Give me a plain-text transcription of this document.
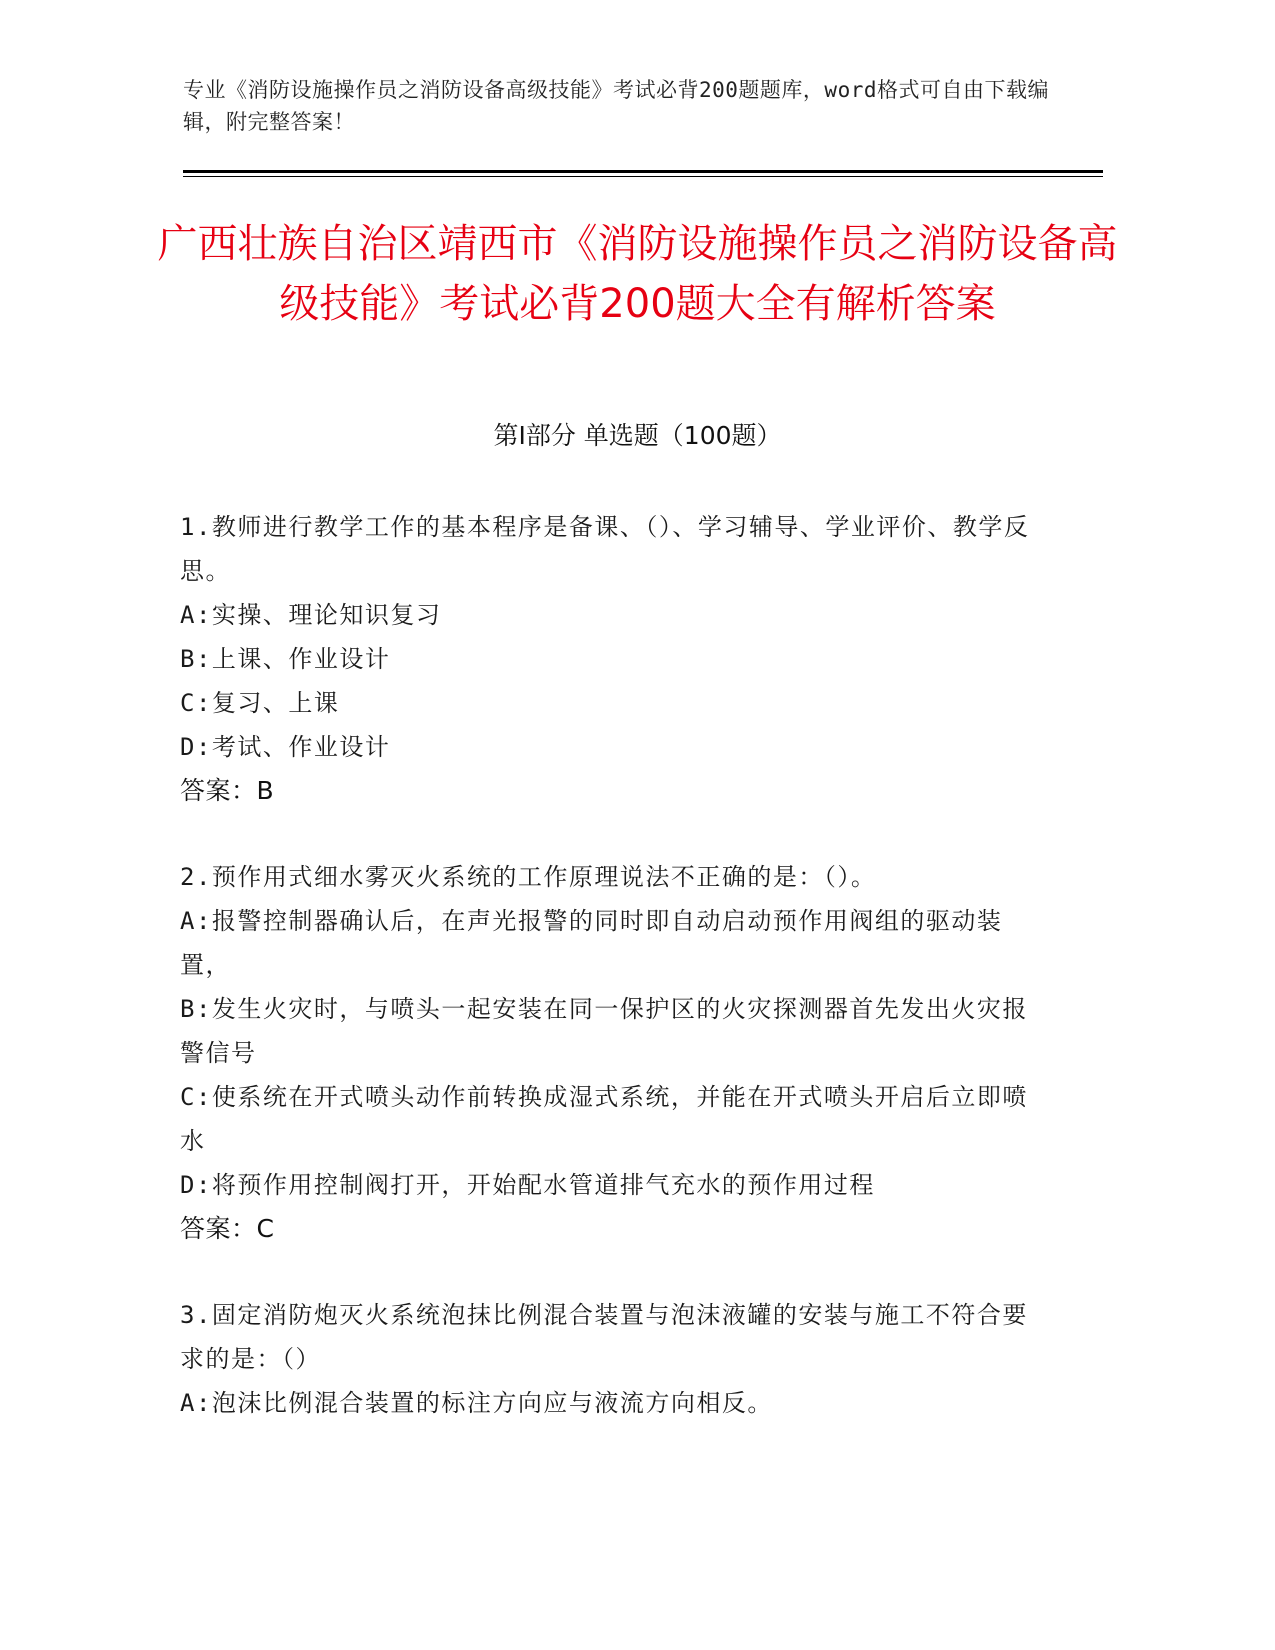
专业《消防设施操作员之消防设备高级技能》考试必背200题题库，word格式可自由下载编辑，附完整答案！
广西壮族自治区靖西市《消防设施操作员之消防设备高级技能》考试必背200题大全有解析答案
第I部分 单选题（100题）

1.教师进行教学工作的基本程序是备课、（）、学习辅导、学业评价、教学反思。

A:实操、理论知识复习

B:上课、作业设计

C:复习、上课

D:考试、作业设计

答案：B

2.预作用式细水雾灭火系统的工作原理说法不正确的是：（）。

A:报警控制器确认后，在声光报警的同时即自动启动预作用阀组的驱动装置，

B:发生火灾时，与喷头一起安装在同一保护区的火灾探测器首先发出火灾报警信号

C:使系统在开式喷头动作前转换成湿式系统，并能在开式喷头开启后立即喷水

D:将预作用控制阀打开，开始配水管道排气充水的预作用过程

答案：C

3.固定消防炮灭火系统泡抹比例混合装置与泡沫液罐的安装与施工不符合要求的是：（）

A:泡沫比例混合装置的标注方向应与液流方向相反。
